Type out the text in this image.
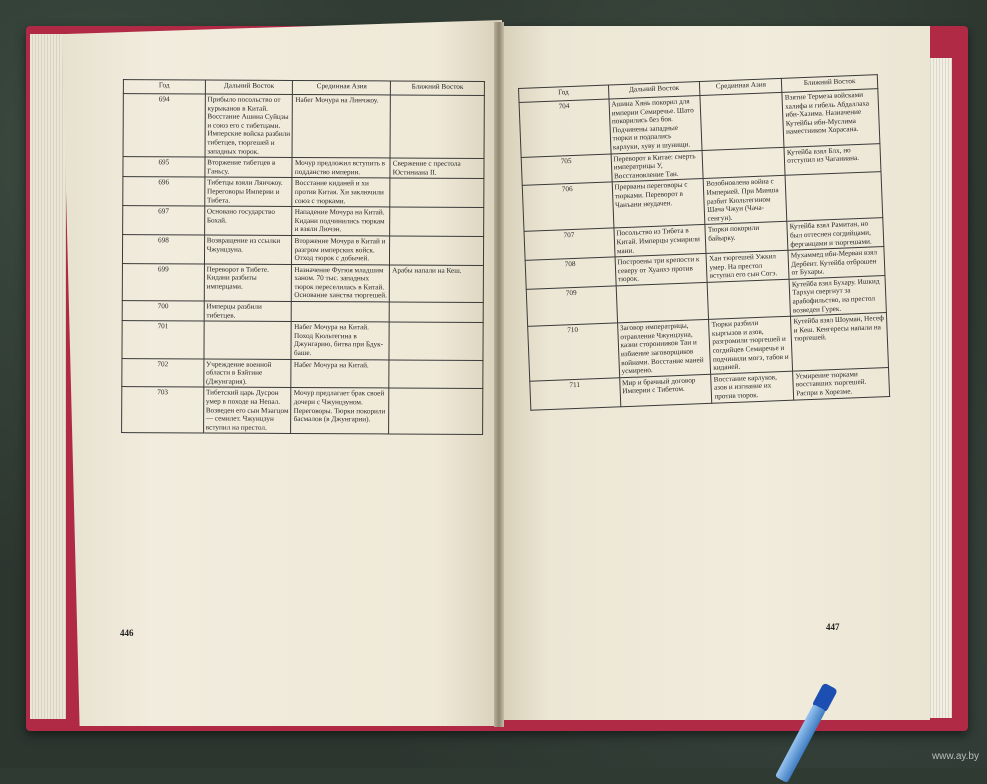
Год	Дальний Восток	Срединная Азия	Ближний Восток
694	Прибыло посольство от курыканов в Китай. Восстание Ашина Суйцзы и союз его с тибетцами. Имперские войска разбили тибетцев, тюргешей и западных тюрок.	Набег Мочура на Линчжоу.	
695	Вторжение тибетцев в Ганьсу.	Мочур предложил вступить в подданство империи.	Свержение с престола Юстиниана II.
696	Тибетцы взяли Лянчжоу. Переговоры Империи и Тибета.	Восстание киданей и хи против Китая. Хи заключили союз с тюрками.	
697	Основано государство Бохай.	Нападение Мочура на Китай. Кидани подчинились тюркам и взяли Лючэн.	
698	Возвращение из ссылки Чжунцзуна.	Вторжение Мочура в Китай и разгром имперских войск. Отход тюрок с добычей.	
699	Переворот в Тибете. Кидани разбиты имперцами.	Назначение Фугюя младшим ханом. 70 тыс. западных тюрок переселилась в Китай. Основание ханства тюргешей.	Арабы напали на Кеш.
700	Имперцы разбили тибетцев.		
701		Набег Мочура на Китай. Поход Кюльтегина в Джунгарию, битва при Бдук-баше.	
702	Учреждение военной области в Бэйтине (Джунгария).	Набег Мочура на Китай.	
703	Тибетский царь Дусрон умер в походе на Непал. Возведен его сын Мэагцом — семилет. Чжунцзун вступил на престол.	Мочур предлагает брак своей дочери с Чжунцзуном. Переговоры. Тюрки покорили басмалов (в Джунгарии).	
446
Год	Дальний Восток	Срединная Азия	Ближний Восток
704	Ашина Хянь покорил для империи Семиречье. Шато покорились без боя. Подчинены западные тюрки и подпались карлуки, хуву и шунищи.		Взятие Термеза войсками халифа и гибель Абдаллаха ибн-Хазима. Назначение Кутейбы ибн-Муслима наместником Хорасана.
705	Переворот в Китае: смерть императрицы У, Восстановление Тан.		Кутейба взял Блх, но отступил из Чаганиана.
706	Прерваны переговоры с тюрками. Переворот в Чанъани неудачен.	Возобновлена война с Империей. При Миншa разбит Кюльтегином Шача Чжун (Чача-сенгун).	
707	Посольство из Тибета в Китай. Имперцы усмирили мани.	Тюрки покорили байырку.	Кутейба взял Рамитан, но был оттеснен согдийцами, ферганцами и тюргешами.
708	Построены три крепости к северу от Хуанхэ против тюрок.	Хан тюргешей Ужкил умер. На престол вступил его сын Согэ.	Мухаммед ибн-Мерван взял Дербент. Кутейба отброшен от Бухары.
709			Кутейба взял Бухару. Ишкид Тархун свергнут за арабофильство, на престол возведен Гурек.
710	Заговор императрицы, отравление Чжунцзуна, казни сторонников Тан и избиение заговорщиков войнами. Восстание маней усмирено.	Тюрки разбили кыргызов и азов, разгромили тюргешей и согдийцев Семиречье и подчинили могэ, табов и киданей.	Кутейба взял Шоуман, Несеф и Кеш. Кенгересы напали на тюргешей.
711	Мир и брачный договор Империи с Тибетом.	Восстание карлуков, азов и изгнание их против тюрок.	Усмирение тюрками восставших тюргешей. Распри в Хорезме.
447
www.ay.by
